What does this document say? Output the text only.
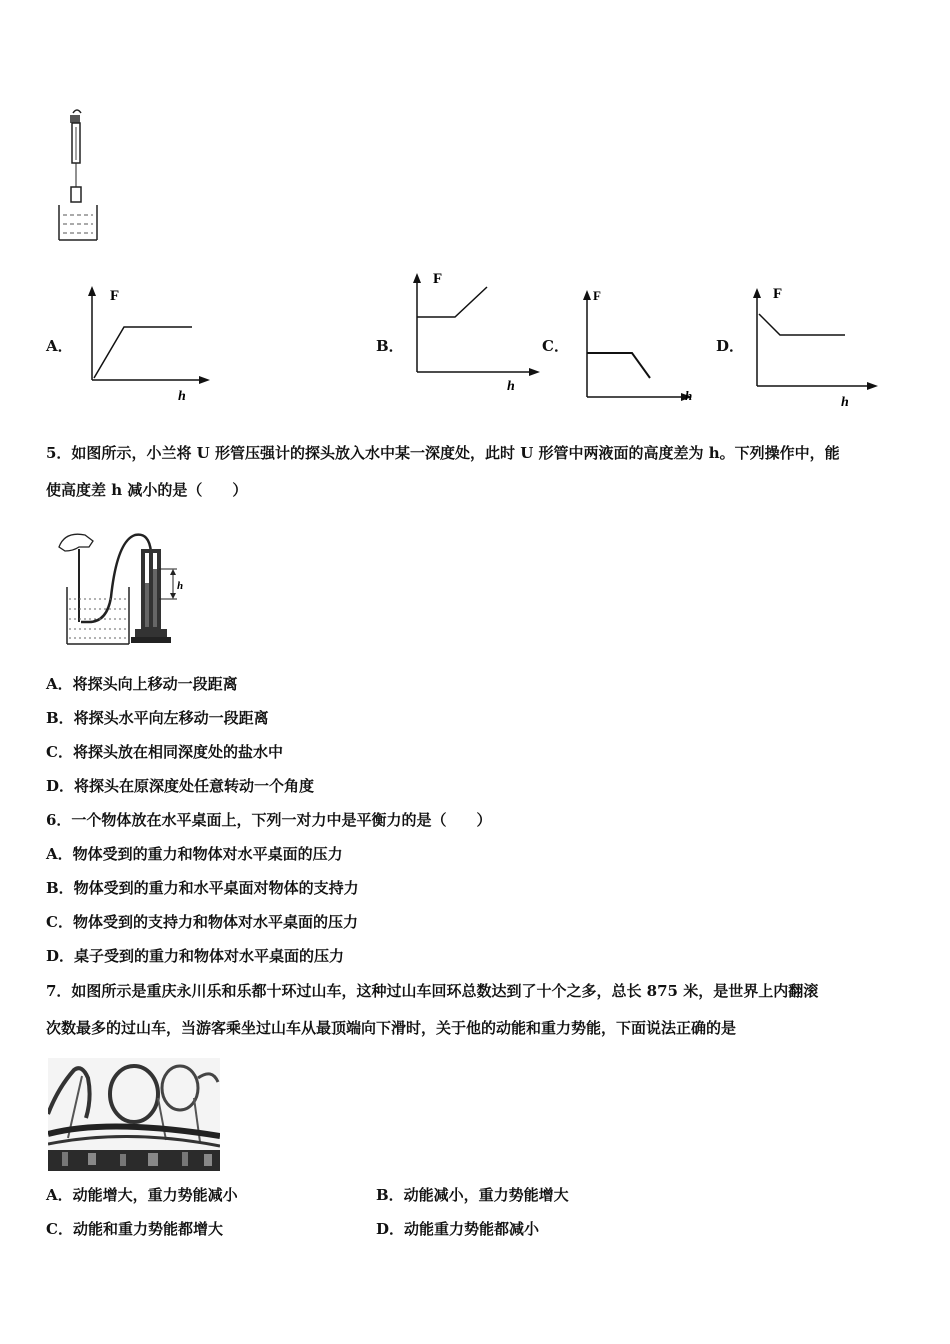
A．
F
h
B．
F
h
C．
F
h
D．
F
h
5．如图所示，小兰将 U 形管压强计的探头放入水中某一深度处，此时 U 形管中两液面的高度差为 h。下列操作中，能
使高度差 h 减小的是（　　）
h
A．将探头向上移动一段距离
B．将探头水平向左移动一段距离
C．将探头放在相同深度处的盐水中
D．将探头在原深度处任意转动一个角度
6．一个物体放在水平桌面上，下列一对力中是平衡力的是（　　）
A．物体受到的重力和物体对水平桌面的压力
B．物体受到的重力和水平桌面对物体的支持力
C．物体受到的支持力和物体对水平桌面的压力
D．桌子受到的重力和物体对水平桌面的压力
7．如图所示是重庆永川乐和乐都十环过山车，这种过山车回环总数达到了十个之多，总长 875 米，是世界上内翻滚
次数最多的过山车，当游客乘坐过山车从最顶端向下滑时，关于他的动能和重力势能，下面说法正确的是
A．动能增大，重力势能减小	B．动能减小，重力势能增大
C．动能和重力势能都增大	D．动能重力势能都减小
